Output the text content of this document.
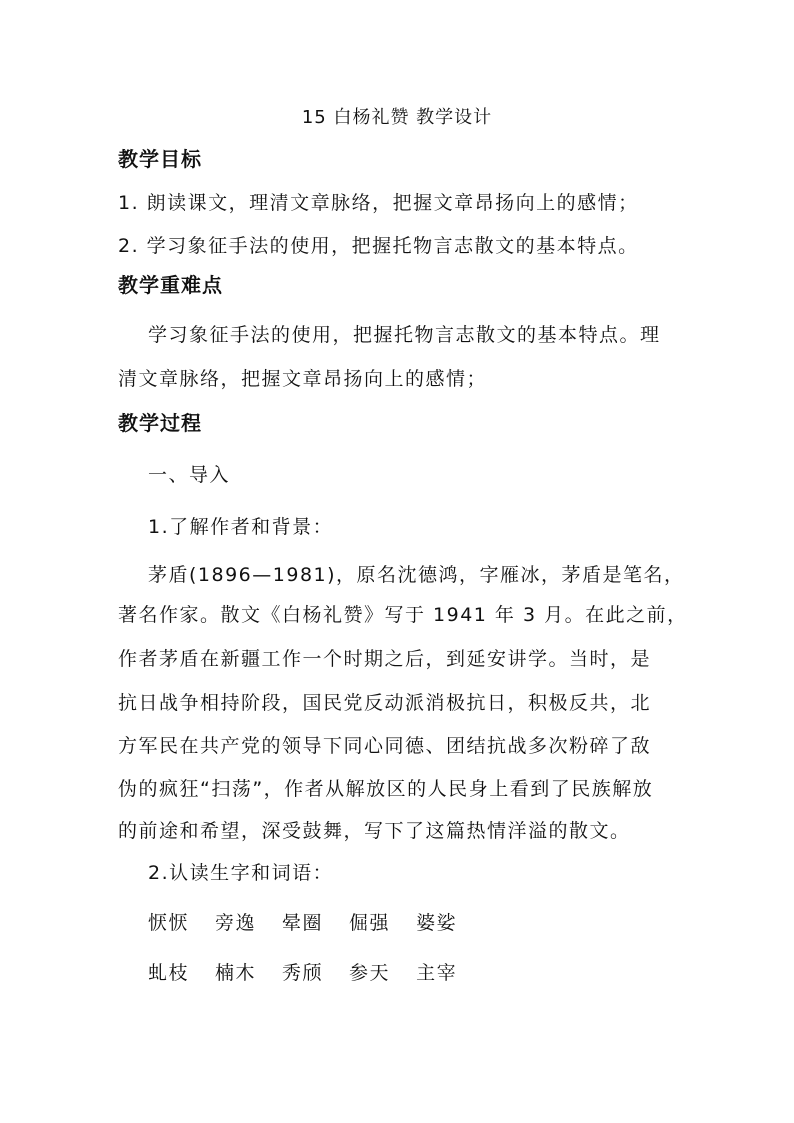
15 白杨礼赞 教学设计
教学目标
1. 朗读课文，理清文章脉络，把握文章昂扬向上的感情；
2. 学习象征手法的使用，把握托物言志散文的基本特点。
教学重难点
学习象征手法的使用，把握托物言志散文的基本特点。理
清文章脉络，把握文章昂扬向上的感情；
教学过程
一、导入
1.了解作者和背景：
茅盾(1896—1981)，原名沈德鸿，字雁冰，茅盾是笔名，
著名作家。散文《白杨礼赞》写于 1941 年 3 月。在此之前，
作者茅盾在新疆工作一个时期之后，到延安讲学。当时，是
抗日战争相持阶段，国民党反动派消极抗日，积极反共，北
方军民在共产党的领导下同心同德、团结抗战多次粉碎了敌
伪的疯狂“扫荡”，作者从解放区的人民身上看到了民族解放
的前途和希望，深受鼓舞，写下了这篇热情洋溢的散文。
2.认读生字和词语：
恹恹 旁逸 晕圈 倔强 婆娑
虬枝 楠木 秀颀 参天 主宰
